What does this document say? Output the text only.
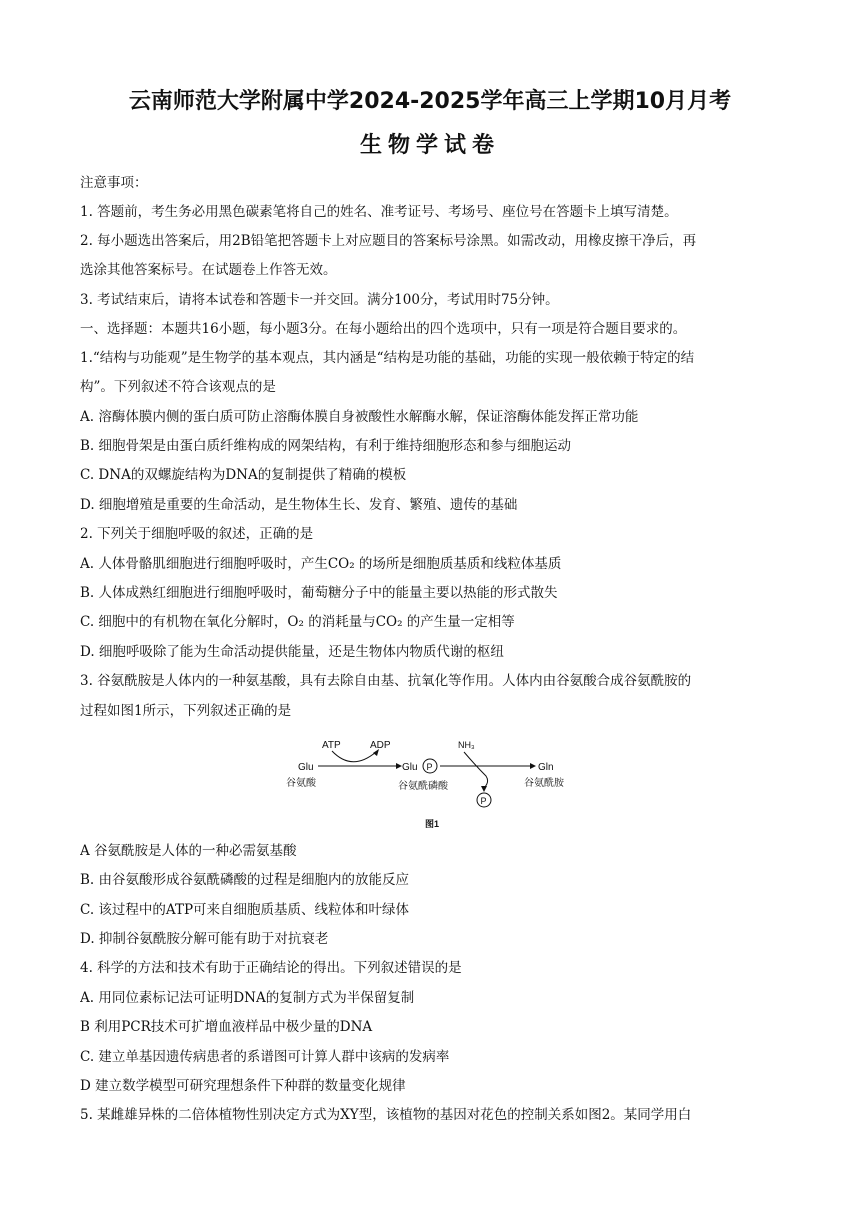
云南师范大学附属中学2024-2025学年高三上学期10月月考
生物学试卷
注意事项：
1. 答题前，考生务必用黑色碳素笔将自己的姓名、准考证号、考场号、座位号在答题卡上填写清楚。
2. 每小题选出答案后，用2B铅笔把答题卡上对应题目的答案标号涂黑。如需改动，用橡皮擦干净后，再
选涂其他答案标号。在试题卷上作答无效。
3. 考试结束后，请将本试卷和答题卡一并交回。满分100分，考试用时75分钟。
一、选择题：本题共16小题，每小题3分。在每小题给出的四个选项中，只有一项是符合题目要求的。
1.“结构与功能观”是生物学的基本观点，其内涵是“结构是功能的基础，功能的实现一般依赖于特定的结
构”。下列叙述不符合该观点的是
A. 溶酶体膜内侧的蛋白质可防止溶酶体膜自身被酸性水解酶水解，保证溶酶体能发挥正常功能
B. 细胞骨架是由蛋白质纤维构成的网架结构，有利于维持细胞形态和参与细胞运动
C. DNA的双螺旋结构为DNA的复制提供了精确的模板
D. 细胞增殖是重要的生命活动，是生物体生长、发育、繁殖、遗传的基础
2. 下列关于细胞呼吸的叙述，正确的是
A. 人体骨骼肌细胞进行细胞呼吸时，产生CO₂ 的场所是细胞质基质和线粒体基质
B. 人体成熟红细胞进行细胞呼吸时，葡萄糖分子中的能量主要以热能的形式散失
C. 细胞中的有机物在氧化分解时，O₂ 的消耗量与CO₂ 的产生量一定相等
D. 细胞呼吸除了能为生命活动提供能量，还是生物体内物质代谢的枢纽
3. 谷氨酰胺是人体内的一种氨基酸，具有去除自由基、抗氧化等作用。人体内由谷氨酸合成谷氨酰胺的
过程如图1所示，下列叙述正确的是
ATP	ADP	NH₃
Glu	Glu	Gln
P
P
谷氨酸	谷氨酰磷酸	谷氨酰胺
图1
A 谷氨酰胺是人体的一种必需氨基酸
B. 由谷氨酸形成谷氨酰磷酸的过程是细胞内的放能反应
C. 该过程中的ATP可来自细胞质基质、线粒体和叶绿体
D. 抑制谷氨酰胺分解可能有助于对抗衰老
4. 科学的方法和技术有助于正确结论的得出。下列叙述错误的是
A. 用同位素标记法可证明DNA的复制方式为半保留复制
B 利用PCR技术可扩增血液样品中极少量的DNA
C. 建立单基因遗传病患者的系谱图可计算人群中该病的发病率
D 建立数学模型可研究理想条件下种群的数量变化规律
5. 某雌雄异株的二倍体植物性别决定方式为XY型，该植物的基因对花色的控制关系如图2。某同学用白
